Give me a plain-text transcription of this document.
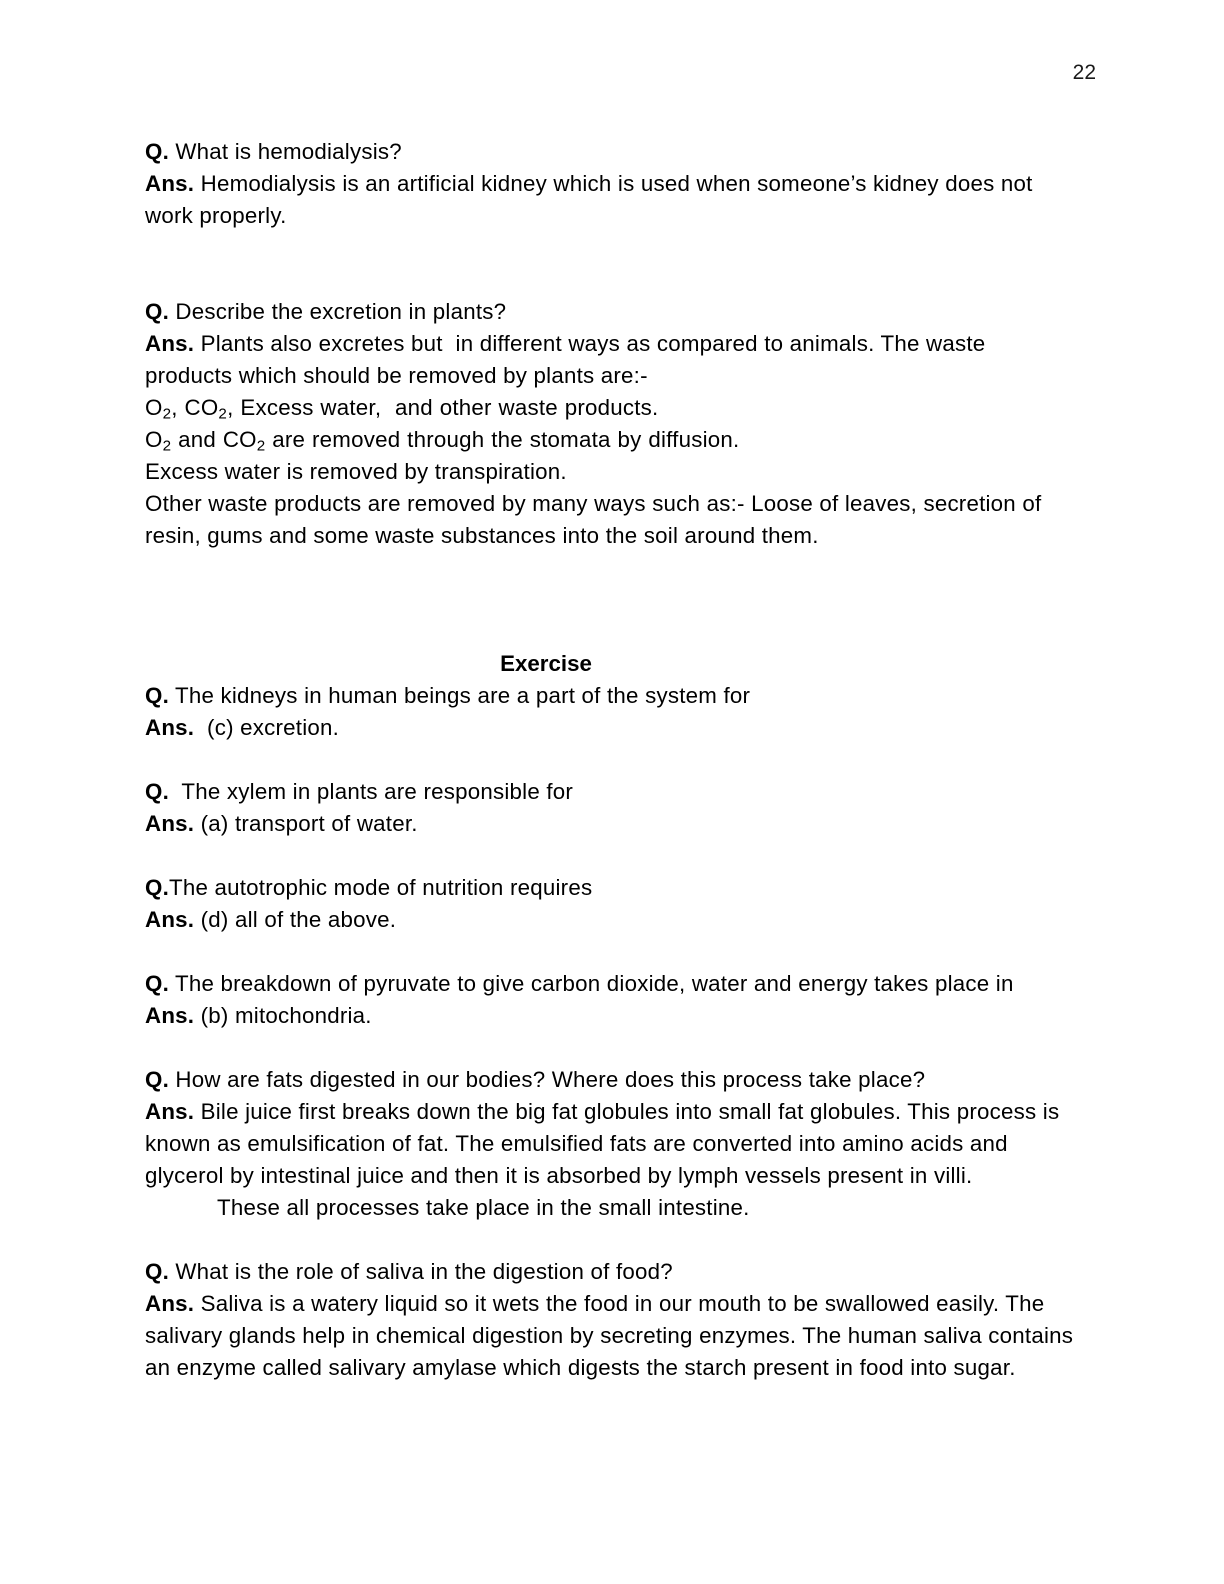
22

Q. What is hemodialysis?

Ans. Hemodialysis is an artificial kidney which is used when someone’s kidney does not work properly.

Q. Describe the excretion in plants?

Ans. Plants also excretes but  in different ways as compared to animals. The waste products which should be removed by plants are:-

$O_2$, $CO_2$, Excess water,  and other waste products.

$O_2$ and $CO_2$ are removed through the stomata by diffusion.

Excess water is removed by transpiration.

Other waste products are removed by many ways such as:- Loose of leaves, secretion of resin, gums and some waste substances into the soil around them.

Exercise

Q. The kidneys in human beings are a part of the system for

Ans.  (c) excretion.

Q.  The xylem in plants are responsible for

Ans. (a) transport of water.

Q.The autotrophic mode of nutrition requires

Ans. (d) all of the above.

Q. The breakdown of pyruvate to give carbon dioxide, water and energy takes place in

Ans. (b) mitochondria.

Q. How are fats digested in our bodies? Where does this process take place?

Ans. Bile juice first breaks down the big fat globules into small fat globules. This process is known as emulsification of fat. The emulsified fats are converted into amino acids and glycerol by intestinal juice and then it is absorbed by lymph vessels present in villi.

These all processes take place in the small intestine.

Q. What is the role of saliva in the digestion of food?

Ans. Saliva is a watery liquid so it wets the food in our mouth to be swallowed easily. The salivary glands help in chemical digestion by secreting enzymes. The human saliva contains an enzyme called salivary amylase which digests the starch present in food into sugar.
